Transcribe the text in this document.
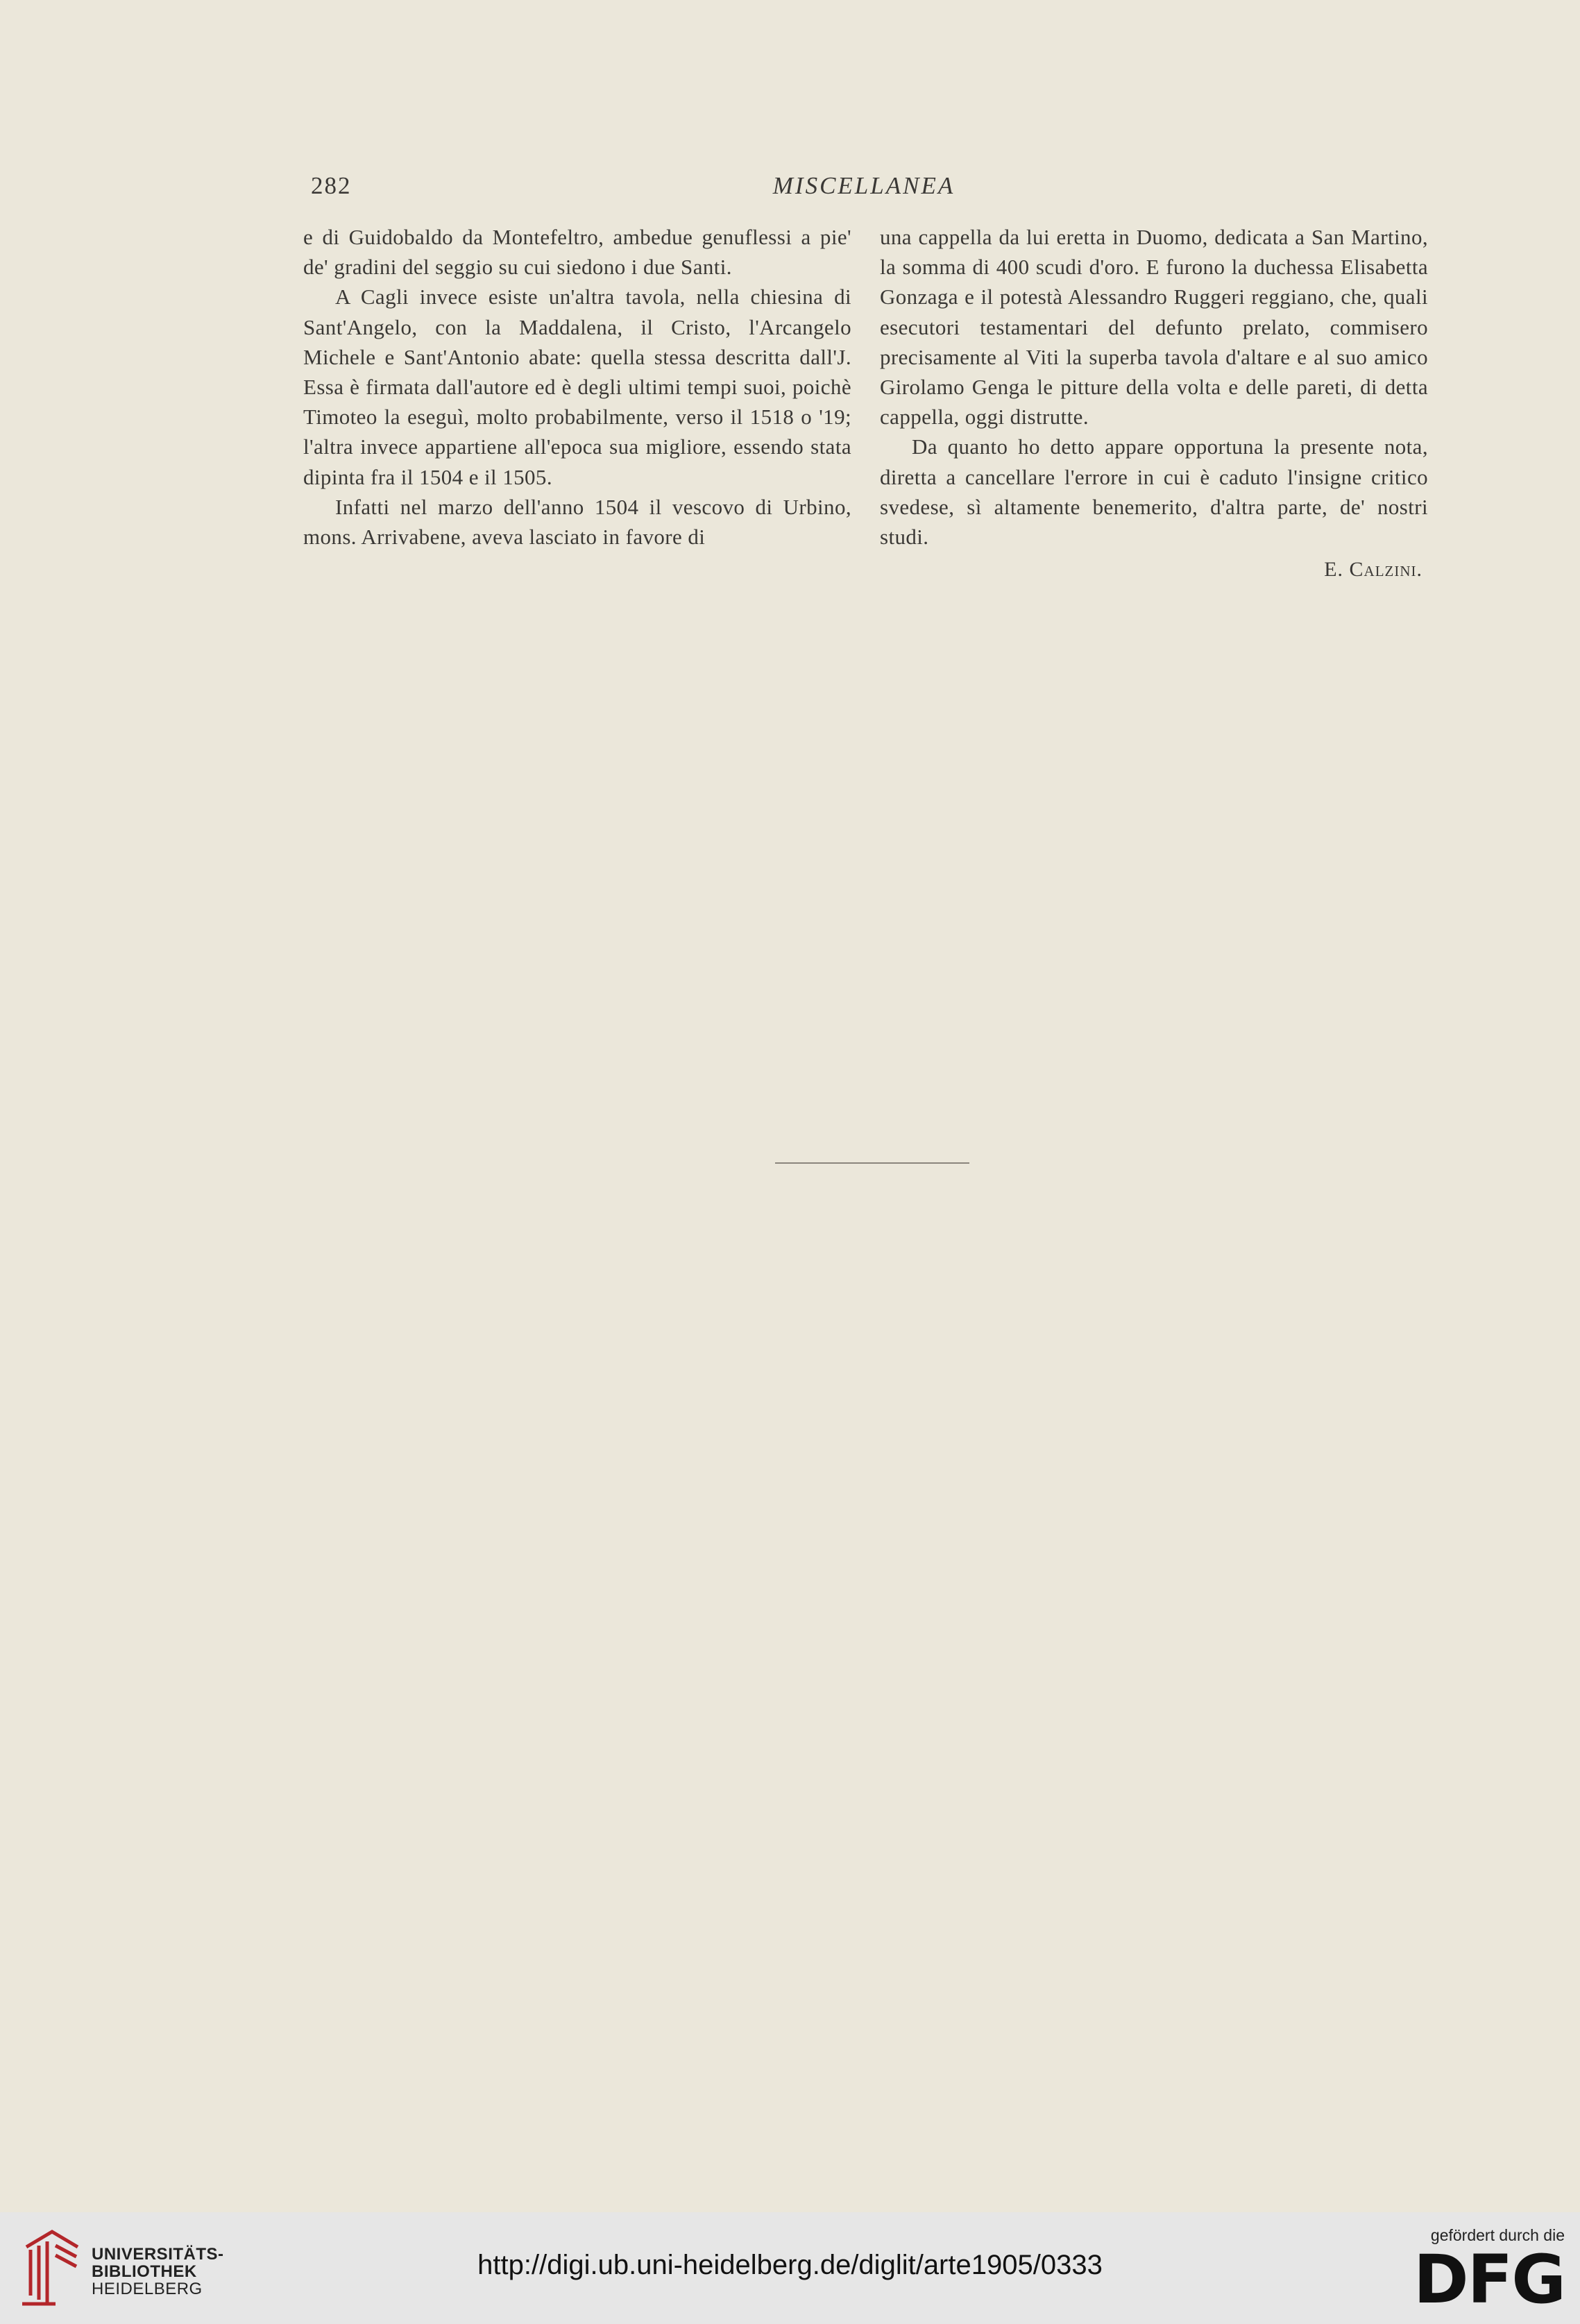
282	MISCELLANEA

e di Guidobaldo da Montefeltro, ambedue genuflessi a pie' de' gradini del seggio su cui siedono i due Santi.

A Cagli invece esiste un'altra tavola, nella chiesina di Sant'Angelo, con la Maddalena, il Cristo, l'Arcangelo Michele e Sant'Antonio abate: quella stessa descritta dall'J. Essa è firmata dall'autore ed è degli ultimi tempi suoi, poichè Timoteo la eseguì, molto probabilmente, verso il 1518 o '19; l'altra invece appartiene all'epoca sua migliore, essendo stata dipinta fra il 1504 e il 1505.

Infatti nel marzo dell'anno 1504 il vescovo di Urbino, mons. Arrivabene, aveva lasciato in favore di

una cappella da lui eretta in Duomo, dedicata a San Martino, la somma di 400 scudi d'oro. E furono la duchessa Elisabetta Gonzaga e il potestà Alessandro Ruggeri reggiano, che, quali esecutori testamentari del defunto prelato, commisero precisamente al Viti la superba tavola d'altare e al suo amico Girolamo Genga le pitture della volta e delle pareti, di detta cappella, oggi distrutte.

Da quanto ho detto appare opportuna la presente nota, diretta a cancellare l'errore in cui è caduto l'insigne critico svedese, sì altamente benemerito, d'altra parte, de' nostri studi.

E. Calzini.
UNIVERSITÄTS-
BIBLIOTHEK
HEIDELBERG
http://digi.ub.uni-heidelberg.de/diglit/arte1905/0333
gefördert durch die
DFG
